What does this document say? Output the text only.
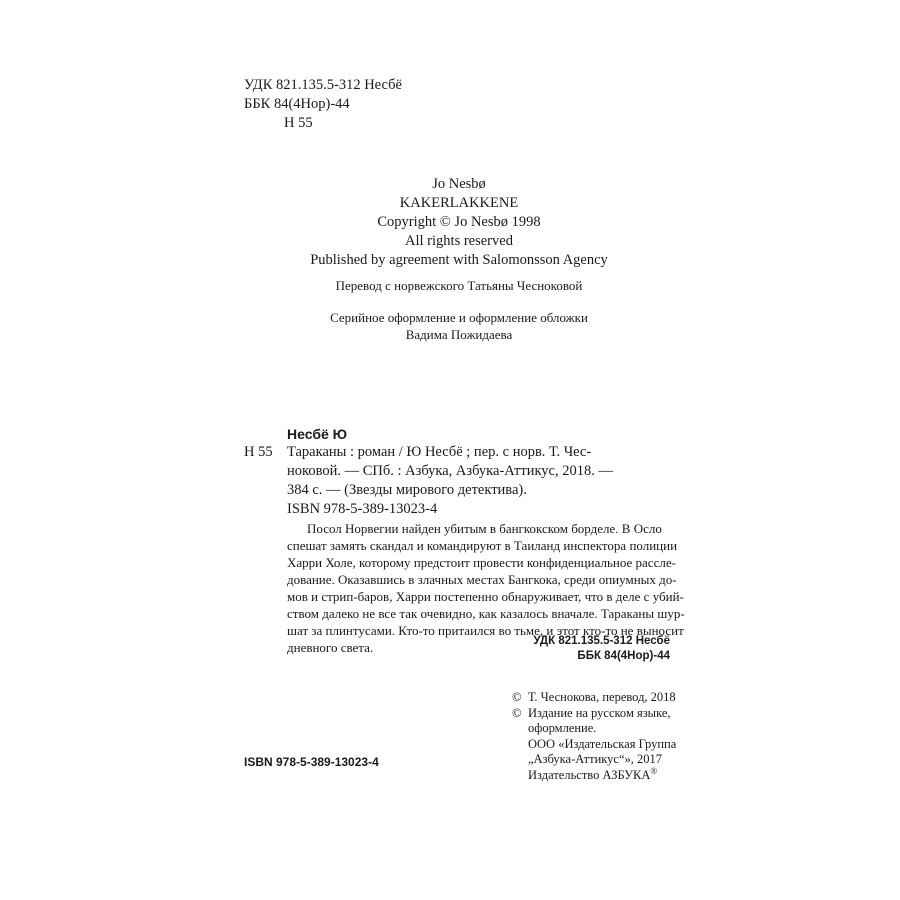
УДК 821.135.5-312 Несбё
ББК 84(4Нор)-44
Н 55
Jo Nesbø
KAKERLAKKENE
Copyright © Jo Nesbø 1998
All rights reserved
Published by agreement with Salomonsson Agency
Перевод с норвежского Татьяны Чесноковой
Серийное оформление и оформление обложки
Вадима Пожидаева
Несбё Ю
Н 55 Тараканы : роман / Ю Несбё ; пер. с норв. Т. Чес-
ноковой. — СПб. : Азбука, Азбука-Аттикус, 2018. —
384 с. — (Звезды мирового детектива).
ISBN 978-5-389-13023-4
Посол Норвегии найден убитым в бангкокском борделе. В Осло
спешат замять скандал и командируют в Таиланд инспектора полиции
Харри Холе, которому предстоит провести конфиденциальное рассле-
дование. Оказавшись в злачных местах Бангкока, среди опиумных до-
мов и стрип-баров, Харри постепенно обнаруживает, что в деле с убий-
ством далеко не все так очевидно, как казалось вначале. Тараканы шур-
шат за плинтусами. Кто-то притаился во тьме, и этот кто-то не выносит
дневного света.	УДК 821.135.5-312 Несбё
ББК 84(4Нор)-44
© Т. Чеснокова, перевод, 2018
© Издание на русском языке,
оформление.
ООО «Издательская Группа
„Азбука-Аттикус“», 2017
Издательство АЗБУКА®
ISBN 978-5-389-13023-4
